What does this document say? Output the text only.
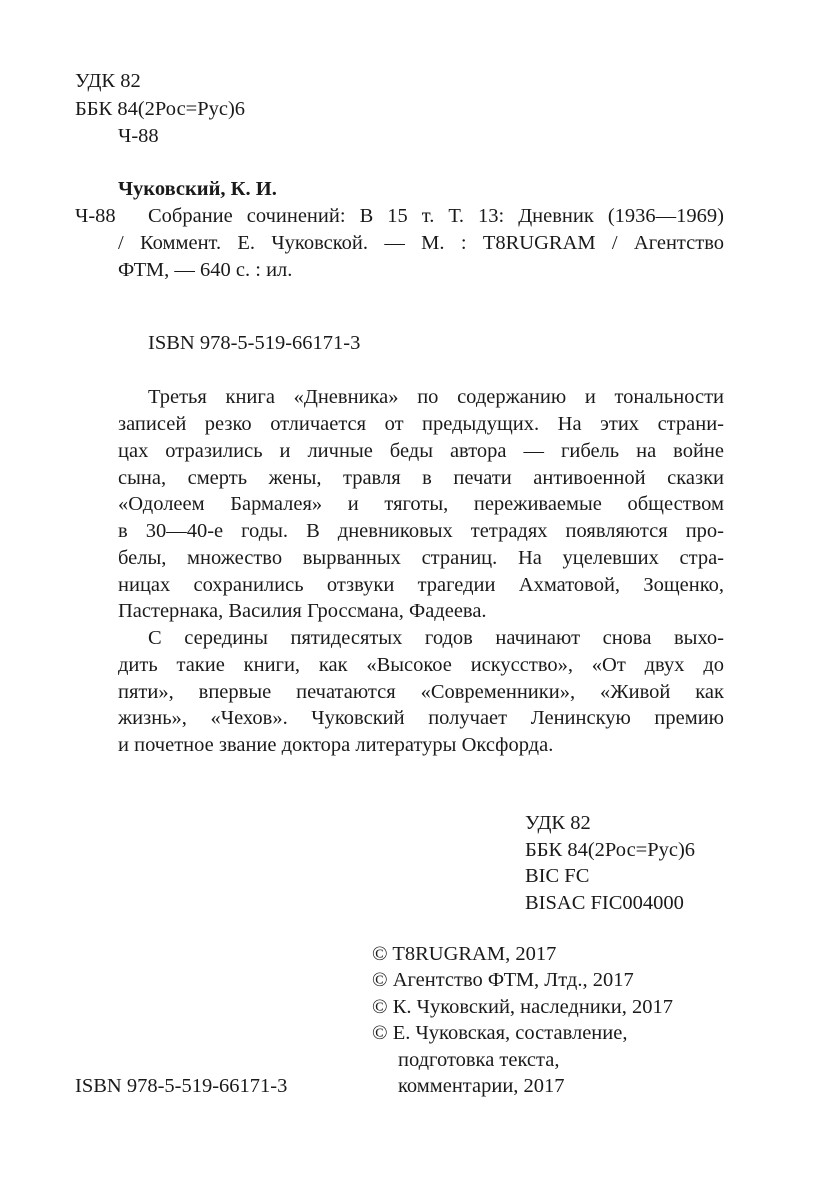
УДК 82
ББК 84(2Рос=Рус)6
Ч-88
Чуковский, К. И.
Ч-88 Собрание сочинений: В 15 т. Т. 13: Дневник (1936—1969)
/ Коммент. Е. Чуковской. — М. : T8RUGRAM / Агентство
ФТМ, — 640 с. : ил.
ISBN 978-5-519-66171-3
Третья книга «Дневника» по содержанию и тональности
записей резко отличается от предыдущих. На этих страни-
цах отразились и личные беды автора — гибель на войне
сына, смерть жены, травля в печати антивоенной сказки
«Одолеем Бармалея» и тяготы, переживаемые обществом
в 30—40-е годы. В дневниковых тетрадях появляются про-
белы, множество вырванных страниц. На уцелевших стра-
ницах сохранились отзвуки трагедии Ахматовой, Зощенко,
Пастернака, Василия Гроссмана, Фадеева.
С середины пятидесятых годов начинают снова выхо-
дить такие книги, как «Высокое искусство», «От двух до
пяти», впервые печатаются «Современники», «Живой как
жизнь», «Чехов». Чуковский получает Ленинскую премию
и почетное звание доктора литературы Оксфорда.
УДК 82
ББК 84(2Рос=Рус)6
BIC FC
BISAC FIC004000
© T8RUGRAM, 2017
© Агентство ФТМ, Лтд., 2017
© К. Чуковский, наследники, 2017
© Е. Чуковская, составление,
подготовка текста,
комментарии, 2017
ISBN 978-5-519-66171-3
